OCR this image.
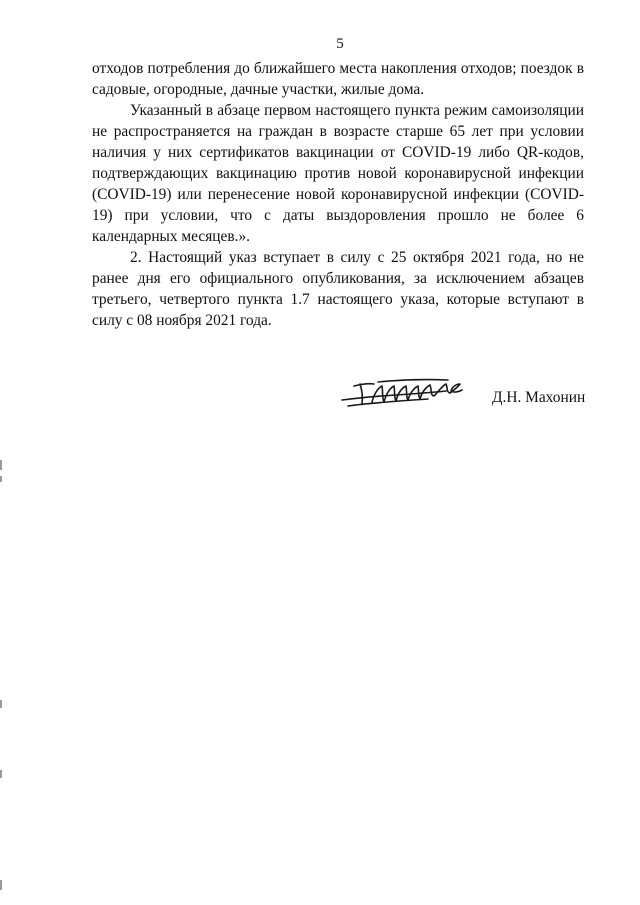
5

отходов потребления до ближайшего места накопления отходов; поездок в садовые, огородные, дачные участки, жилые дома.

Указанный в абзаце первом настоящего пункта режим самоизоляции не распространяется на граждан в возрасте старше 65 лет при условии наличия у них сертификатов вакцинации от COVID-19 либо QR-кодов, подтверждающих вакцинацию против новой коронавирусной инфекции (COVID-19) или перенесение новой коронавирусной инфекции (COVID-19) при условии, что с даты выздоровления прошло не более 6 календарных месяцев.».

2. Настоящий указ вступает в силу с 25 октября 2021 года, но не ранее дня его официального опубликования, за исключением абзацев третьего, четвертого пункта 1.7 настоящего указа, которые вступают в силу с 08 ноября 2021 года.

Д.Н. Махонин
